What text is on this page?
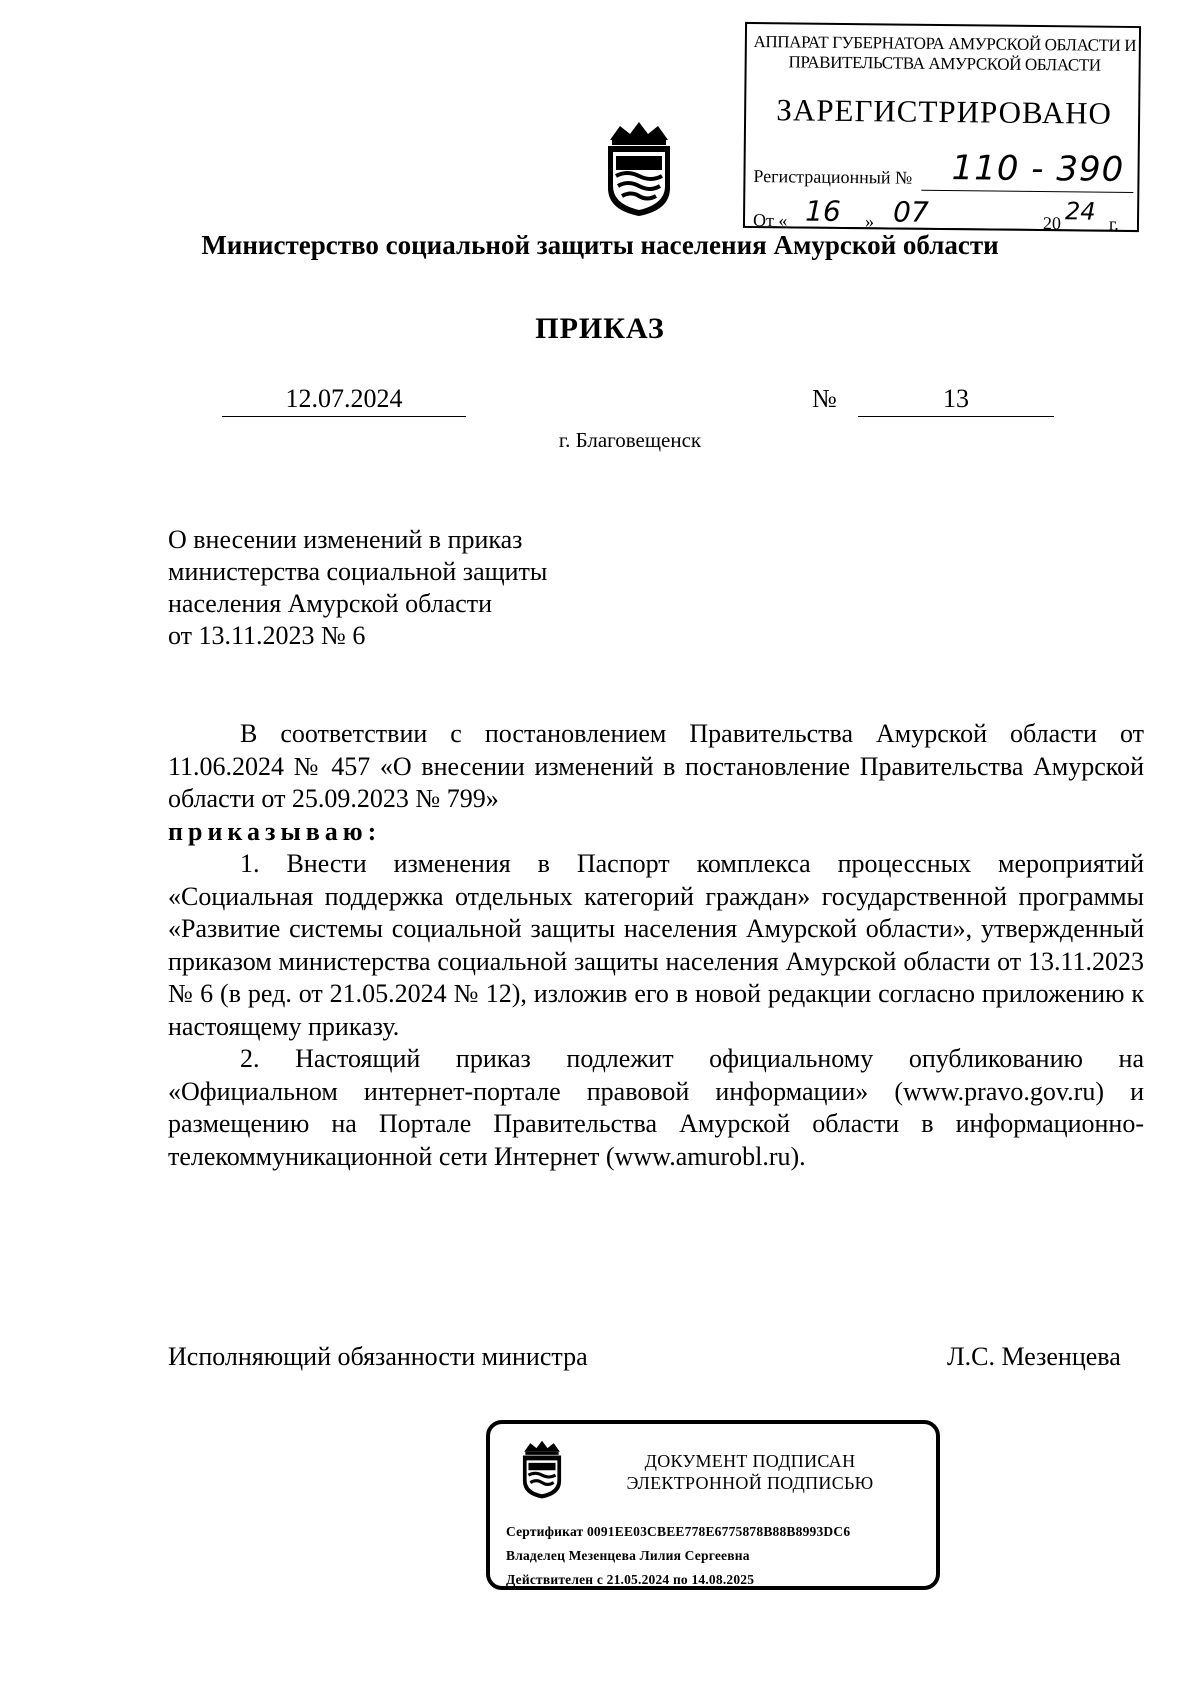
АППАРАТ ГУБЕРНАТОРА АМУРСКОЙ ОБЛАСТИ И ПРАВИТЕЛЬСТВА АМУРСКОЙ ОБЛАСТИ
ЗАРЕГИСТРИРОВАНО
Регистрационный № 110 - 390
От « 16 » 07	20 24 г.
Министерство социальной защиты населения Амурской области
ПРИКАЗ
12.07.2024	№	13
г. Благовещенск
О внесении изменений в приказ
министерства социальной защиты
населения Амурской области
от 13.11.2023 № 6

В соответствии с постановлением Правительства Амурской области от 11.06.2024 № 457 «О внесении изменений в постановление Правительства Амурской области от 25.09.2023 № 799»

приказываю:

1. Внести изменения в Паспорт комплекса процессных мероприятий «Социальная поддержка отдельных категорий граждан» государственной программы «Развитие системы социальной защиты населения Амурской области», утвержденный приказом министерства социальной защиты населения Амурской области от 13.11.2023 № 6 (в ред. от 21.05.2024 № 12), изложив его в новой редакции согласно приложению к настоящему приказу.

2. Настоящий приказ подлежит официальному опубликованию на «Официальном интернет-портале правовой информации» (www.pravo.gov.ru) и размещению на Портале Правительства Амурской области в информационно-телекоммуникационной сети Интернет (www.amurobl.ru).

Исполняющий обязанности министра	Л.С. Мезенцева
ДОКУМЕНТ ПОДПИСАН
ЭЛЕКТРОННОЙ ПОДПИСЬЮ
Сертификат 0091EE03CBEE778E6775878B88B8993DC6
Владелец Мезенцева Лилия Сергеевна
Действителен с 21.05.2024 по 14.08.2025
